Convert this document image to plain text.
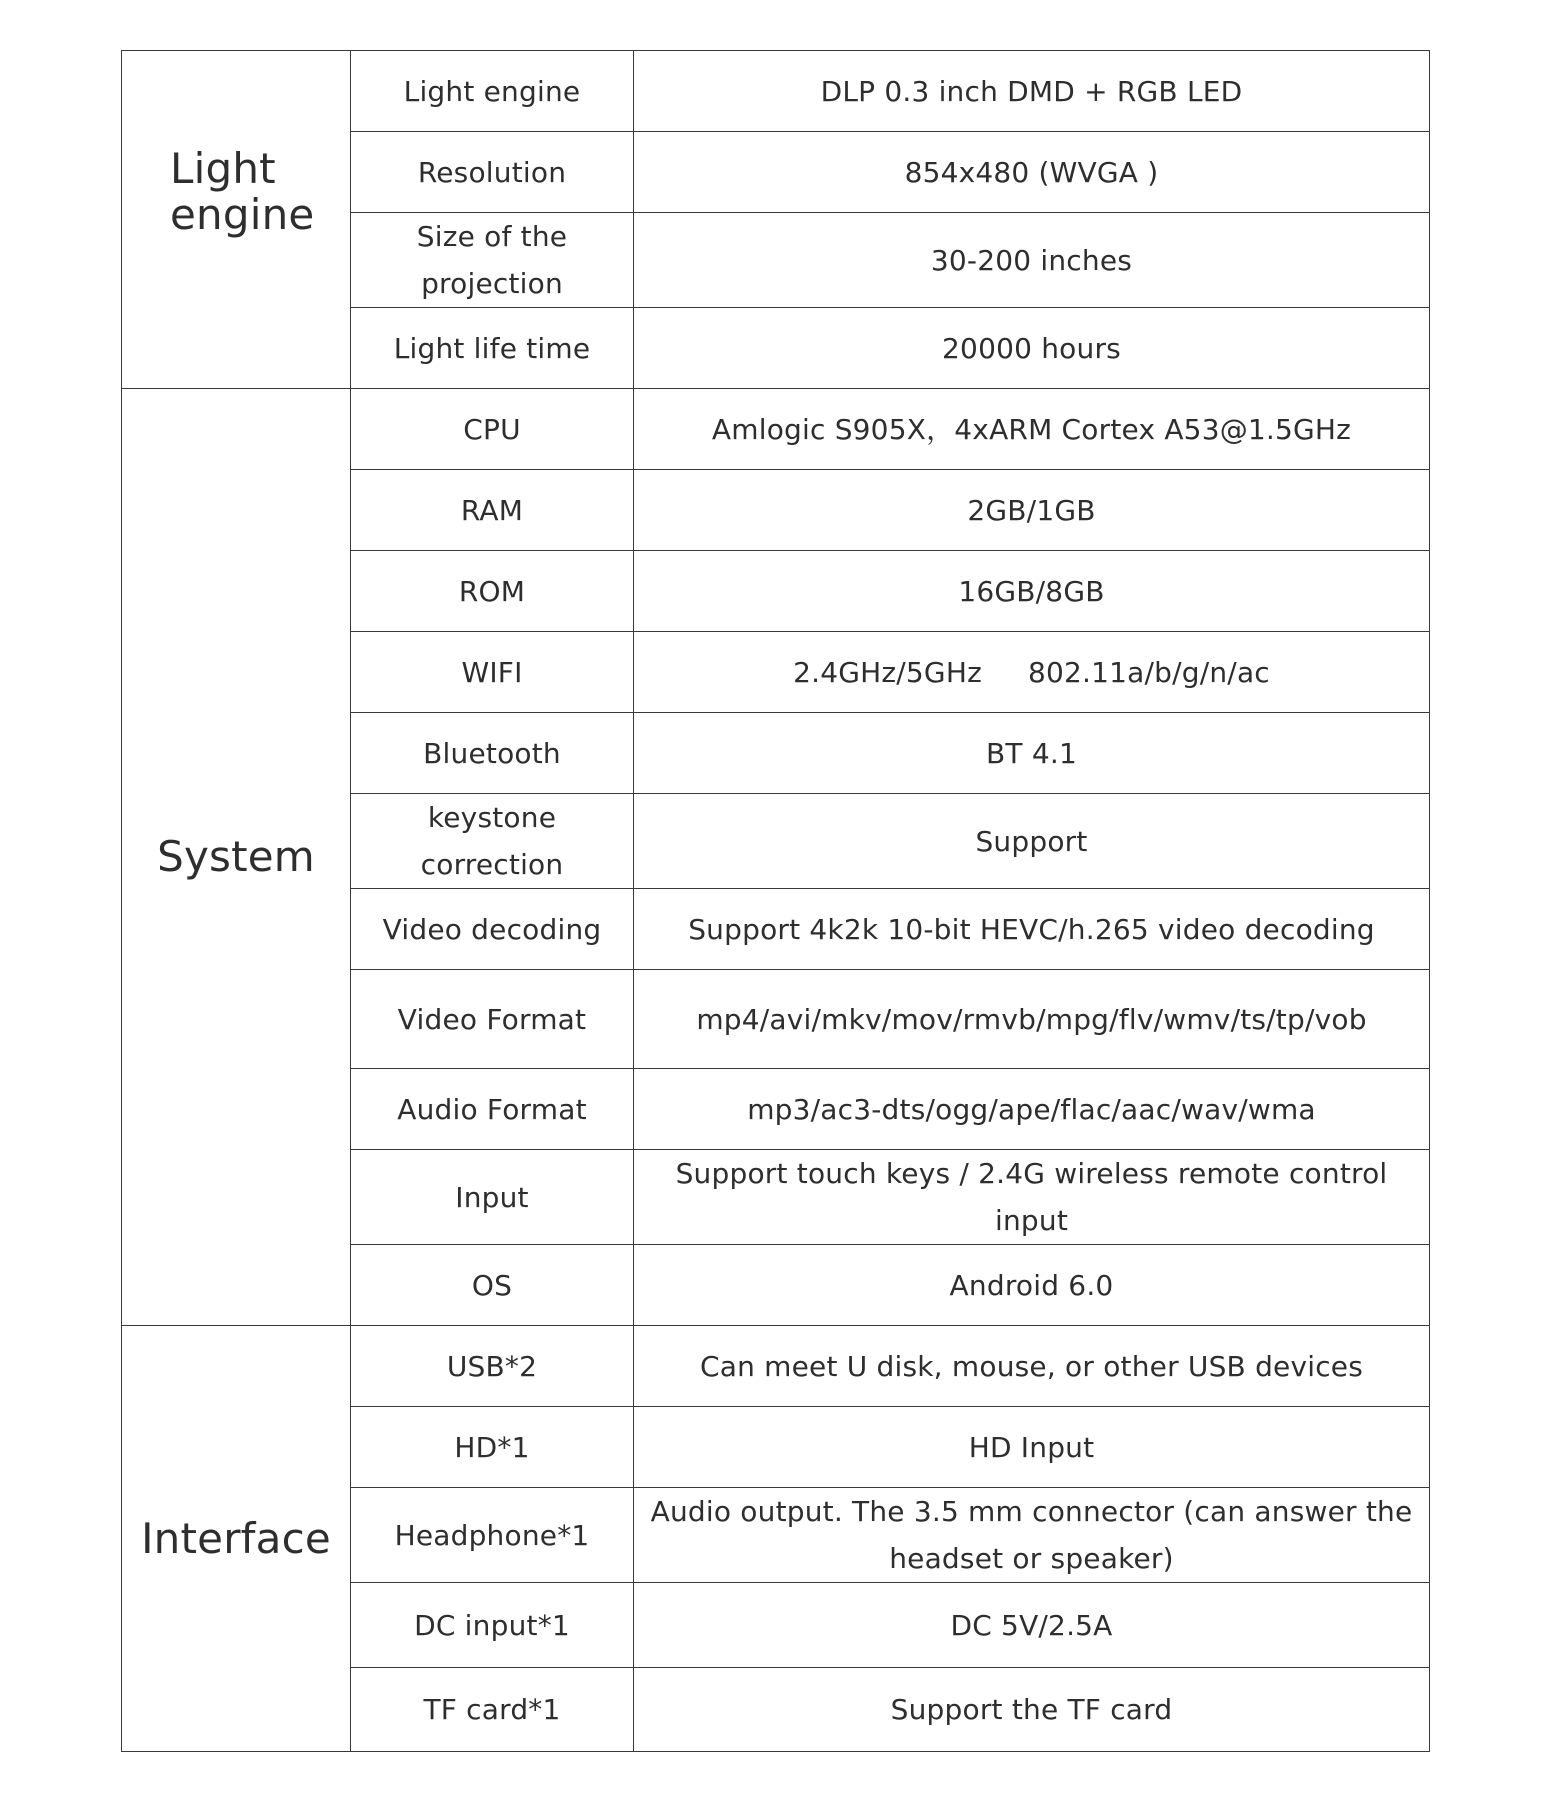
Light engine	Light engine	DLP 0.3 inch DMD + RGB LED
	Resolution	854x480 (WVGA )
	Size of the projection	30-200 inches
	Light life time	20000 hours
System	CPU	Amlogic S905X，4xARM Cortex A53@1.5GHz
	RAM	2GB/1GB
	ROM	16GB/8GB
	WIFI	2.4GHz/5GHz 802.11a/b/g/n/ac
	Bluetooth	BT 4.1
	keystone correction	Support
	Video decoding	Support 4k2k 10-bit HEVC/h.265 video decoding
	Video Format	mp4/avi/mkv/mov/rmvb/mpg/flv/wmv/ts/tp/vob
	Audio Format	mp3/ac3-dts/ogg/ape/flac/aac/wav/wma
	Input	Support touch keys / 2.4G wireless remote control input
	OS	Android 6.0
Interface	USB*2	Can meet U disk, mouse, or other USB devices
	HD*1	HD Input
	Headphone*1	Audio output. The 3.5 mm connector (can answer the headset or speaker)
	DC input*1	DC 5V/2.5A
	TF card*1	Support the TF card
